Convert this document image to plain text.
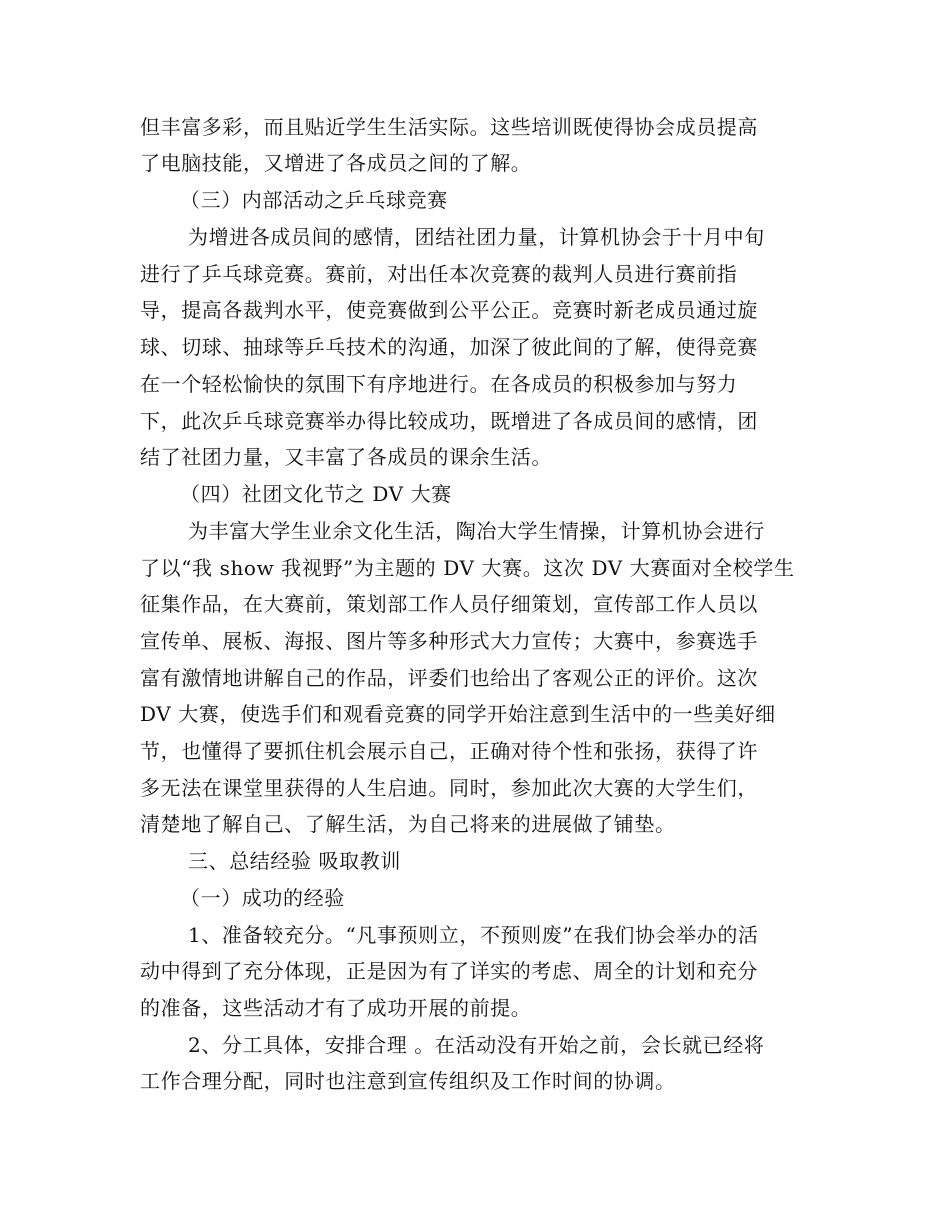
但丰富多彩，而且贴近学生生活实际。这些培训既使得协会成员提高
了电脑技能，又增进了各成员之间的了解。
（三）内部活动之乒乓球竞赛
为增进各成员间的感情，团结社团力量，计算机协会于十月中旬
进行了乒乓球竞赛。赛前，对出任本次竞赛的裁判人员进行赛前指
导，提高各裁判水平，使竞赛做到公平公正。竞赛时新老成员通过旋
球、切球、抽球等乒乓技术的沟通，加深了彼此间的了解，使得竞赛
在一个轻松愉快的氛围下有序地进行。在各成员的积极参加与努力
下，此次乒乓球竞赛举办得比较成功，既增进了各成员间的感情，团
结了社团力量，又丰富了各成员的课余生活。
（四）社团文化节之 DV 大赛
为丰富大学生业余文化生活，陶冶大学生情操，计算机协会进行
了以“我 show 我视野”为主题的 DV 大赛。这次 DV 大赛面对全校学生
征集作品，在大赛前，策划部工作人员仔细策划，宣传部工作人员以
宣传单、展板、海报、图片等多种形式大力宣传；大赛中，参赛选手
富有激情地讲解自己的作品，评委们也给出了客观公正的评价。这次
DV 大赛，使选手们和观看竞赛的同学开始注意到生活中的一些美好细
节，也懂得了要抓住机会展示自己，正确对待个性和张扬，获得了许
多无法在课堂里获得的人生启迪。同时，参加此次大赛的大学生们，
清楚地了解自己、了解生活，为自己将来的进展做了铺垫。
三、总结经验 吸取教训
（一）成功的经验
1、准备较充分。“凡事预则立，不预则废”在我们协会举办的活
动中得到了充分体现，正是因为有了详实的考虑、周全的计划和充分
的准备，这些活动才有了成功开展的前提。
2、分工具体，安排合理 。在活动没有开始之前，会长就已经将
工作合理分配，同时也注意到宣传组织及工作时间的协调。
